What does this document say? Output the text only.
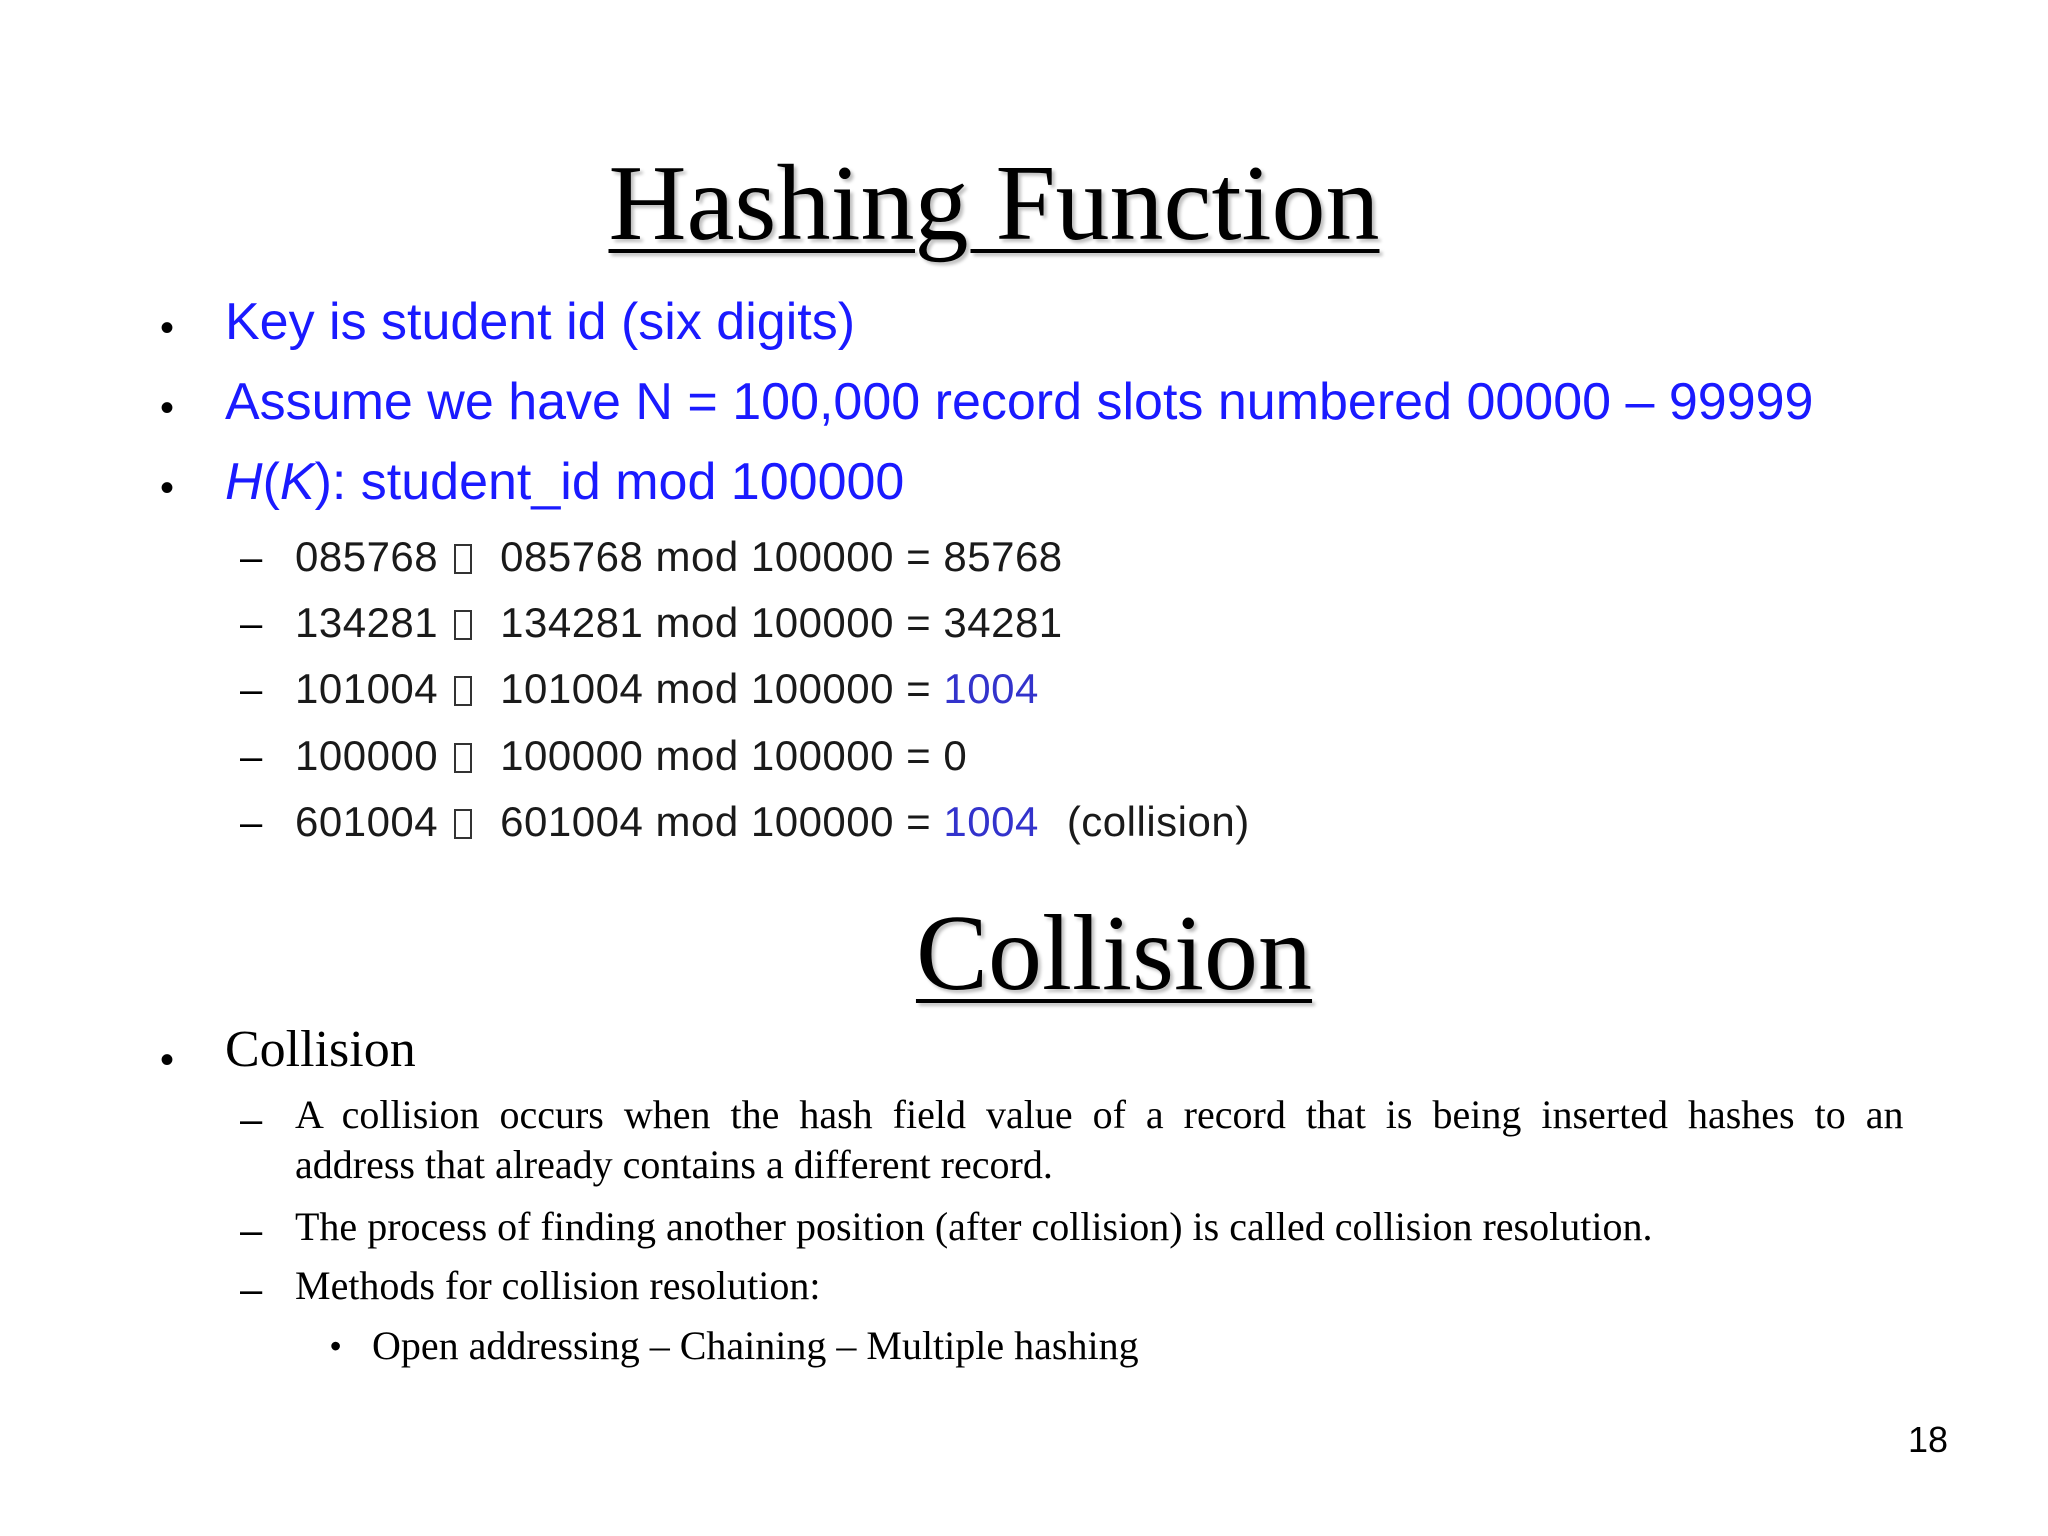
Hashing Function
• Key is student id (six digits)
• Assume we have N = 100,000 record slots numbered 00000 – 99999
• H(K): student_id mod 100000
– 085768 085768 mod 100000 = 85768
– 134281 134281 mod 100000 = 34281
– 101004 101004 mod 100000 = 1004
– 100000 100000 mod 100000 = 0
– 601004 601004 mod 100000 = 1004 (collision)
Collision
• Collision
– A collision occurs when the hash field value of a record that is being inserted hashes to an
address that already contains a different record.
– The process of finding another position (after collision) is called collision resolution.
– Methods for collision resolution:
• Open addressing – Chaining – Multiple hashing
18
